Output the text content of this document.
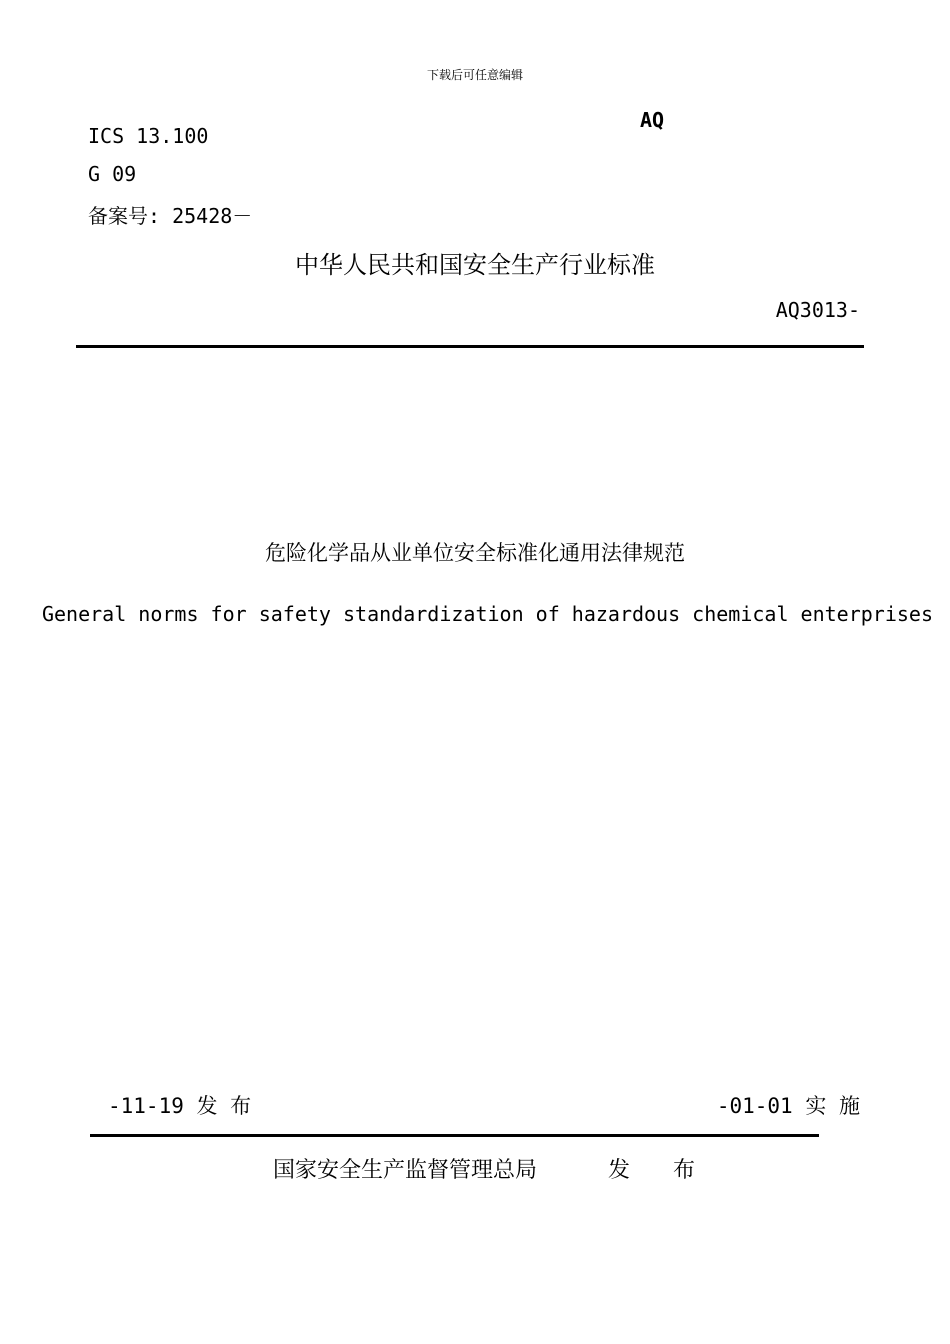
下载后可任意编辑
AQ
ICS 13.100
G 09
备案号: 25428－
中华人民共和国安全生产行业标准
AQ3013-
危险化学品从业单位安全标准化通用法律规范
General norms for safety standardization of hazardous chemical enterprises
-11-19 发 布	-01-01 实 施
国家安全生产监督管理总局	发 布
